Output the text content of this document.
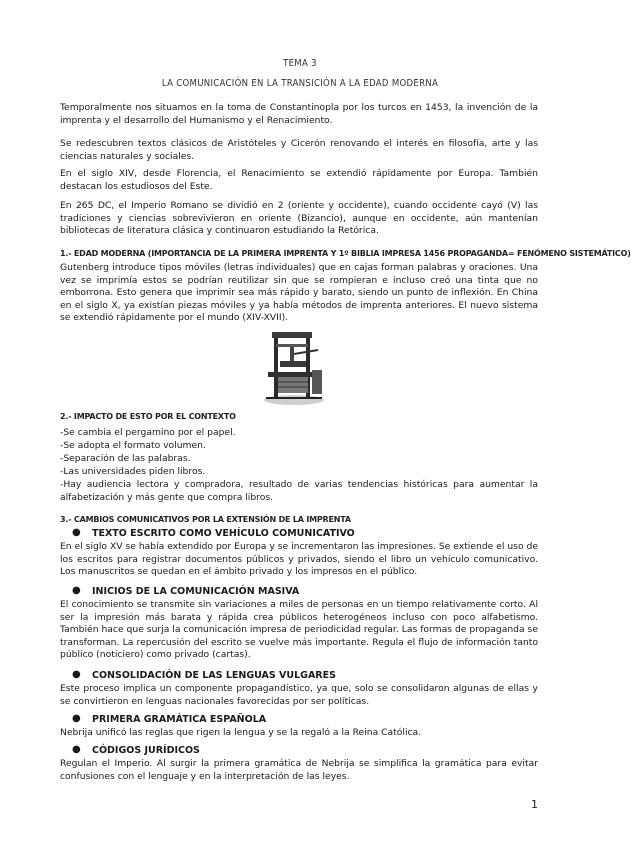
TEMA 3
LA COMUNICACIÓN EN LA TRANSICIÓN A LA EDAD MODERNA

Temporalmente nos situamos en la toma de Constantinopla por los turcos en 1453, la invención de la imprenta y el desarrollo del Humanismo y el Renacimiento.

Se redescubren textos clásicos de Aristóteles y Cicerón renovando el interés en filosofía, arte y las ciencias naturales y sociales.

En el siglo XIV, desde Florencia, el Renacimiento se extendió rápidamente por Europa. También destacan los estudiosos del Este.

En 265 DC, el Imperio Romano se dividió en 2 (oriente y occidente), cuando occidente cayó (V) las tradiciones y ciencias sobrevivieron en oriente (Bizancio), aunque en occidente, aún mantenían bibliotecas de literatura clásica y continuaron estudiando la Retórica.

1.- EDAD MODERNA (IMPORTANCIA DE LA PRIMERA IMPRENTA Y 1º BIBLIA IMPRESA 1456 PROPAGANDA= FENÓMENO SISTEMÁTICO)

Gutenberg introduce tipos móviles (letras individuales) que en cajas forman palabras y oraciones. Una vez se imprimía estos se podrían reutilizar sin que se rompieran e incluso creó una tinta que no emborrona. Esto genera que imprimir sea más rápido y barato, siendo un punto de inflexión. En China en el siglo X, ya existían piezas móviles y ya había métodos de imprenta anteriores. El nuevo sistema se extendió rápidamente por el mundo (XIV-XVII).

2.- IMPACTO DE ESTO POR EL CONTEXTO

-Se cambia el pergamino por el papel.
-Se adopta el formato volumen.
-Separación de las palabras.
-Las universidades piden libros.
-Hay audiencia lectora y compradora, resultado de varias tendencias históricas para aumentar la alfabetización y más gente que compra libros.

3.- CAMBIOS COMUNICATIVOS POR LA EXTENSIÓN DE LA IMPRENTA

● TEXTO ESCRITO COMO VEHÍCULO COMUNICATIVO

En el siglo XV se había extendido por Europa y se incrementaron las impresiones. Se extiende el uso de los escritos para registrar documentos públicos y privados, siendo el libro un vehículo comunicativo. Los manuscritos se quedan en el ámbito privado y los impresos en el público.

● INICIOS DE LA COMUNICACIÓN MASIVA

El conocimiento se transmite sin variaciones a miles de personas en un tiempo relativamente corto. Al ser la impresión más barata y rápida crea públicos heterogéneos incluso con poco alfabetismo. También hace que surja la comunicación impresa de periodicidad regular. Las formas de propaganda se transforman. La repercusión del escrito se vuelve más importante. Regula el flujo de información tanto público (noticiero) como privado (cartas).

● CONSOLIDACIÓN DE LAS LENGUAS VULGARES

Este proceso implica un componente propagandístico, ya que, solo se consolidaron algunas de ellas y se convirtieron en lenguas nacionales favorecidas por ser políticas.

● PRIMERA GRAMÁTICA ESPAÑOLA

Nebrija unificó las reglas que rigen la lengua y se la regaló a la Reina Católica.

● CÓDIGOS JURÍDICOS

Regulan el Imperio. Al surgir la primera gramática de Nebrija se simplifica la gramática para evitar confusiones con el lenguaje y en la interpretación de las leyes.

1
